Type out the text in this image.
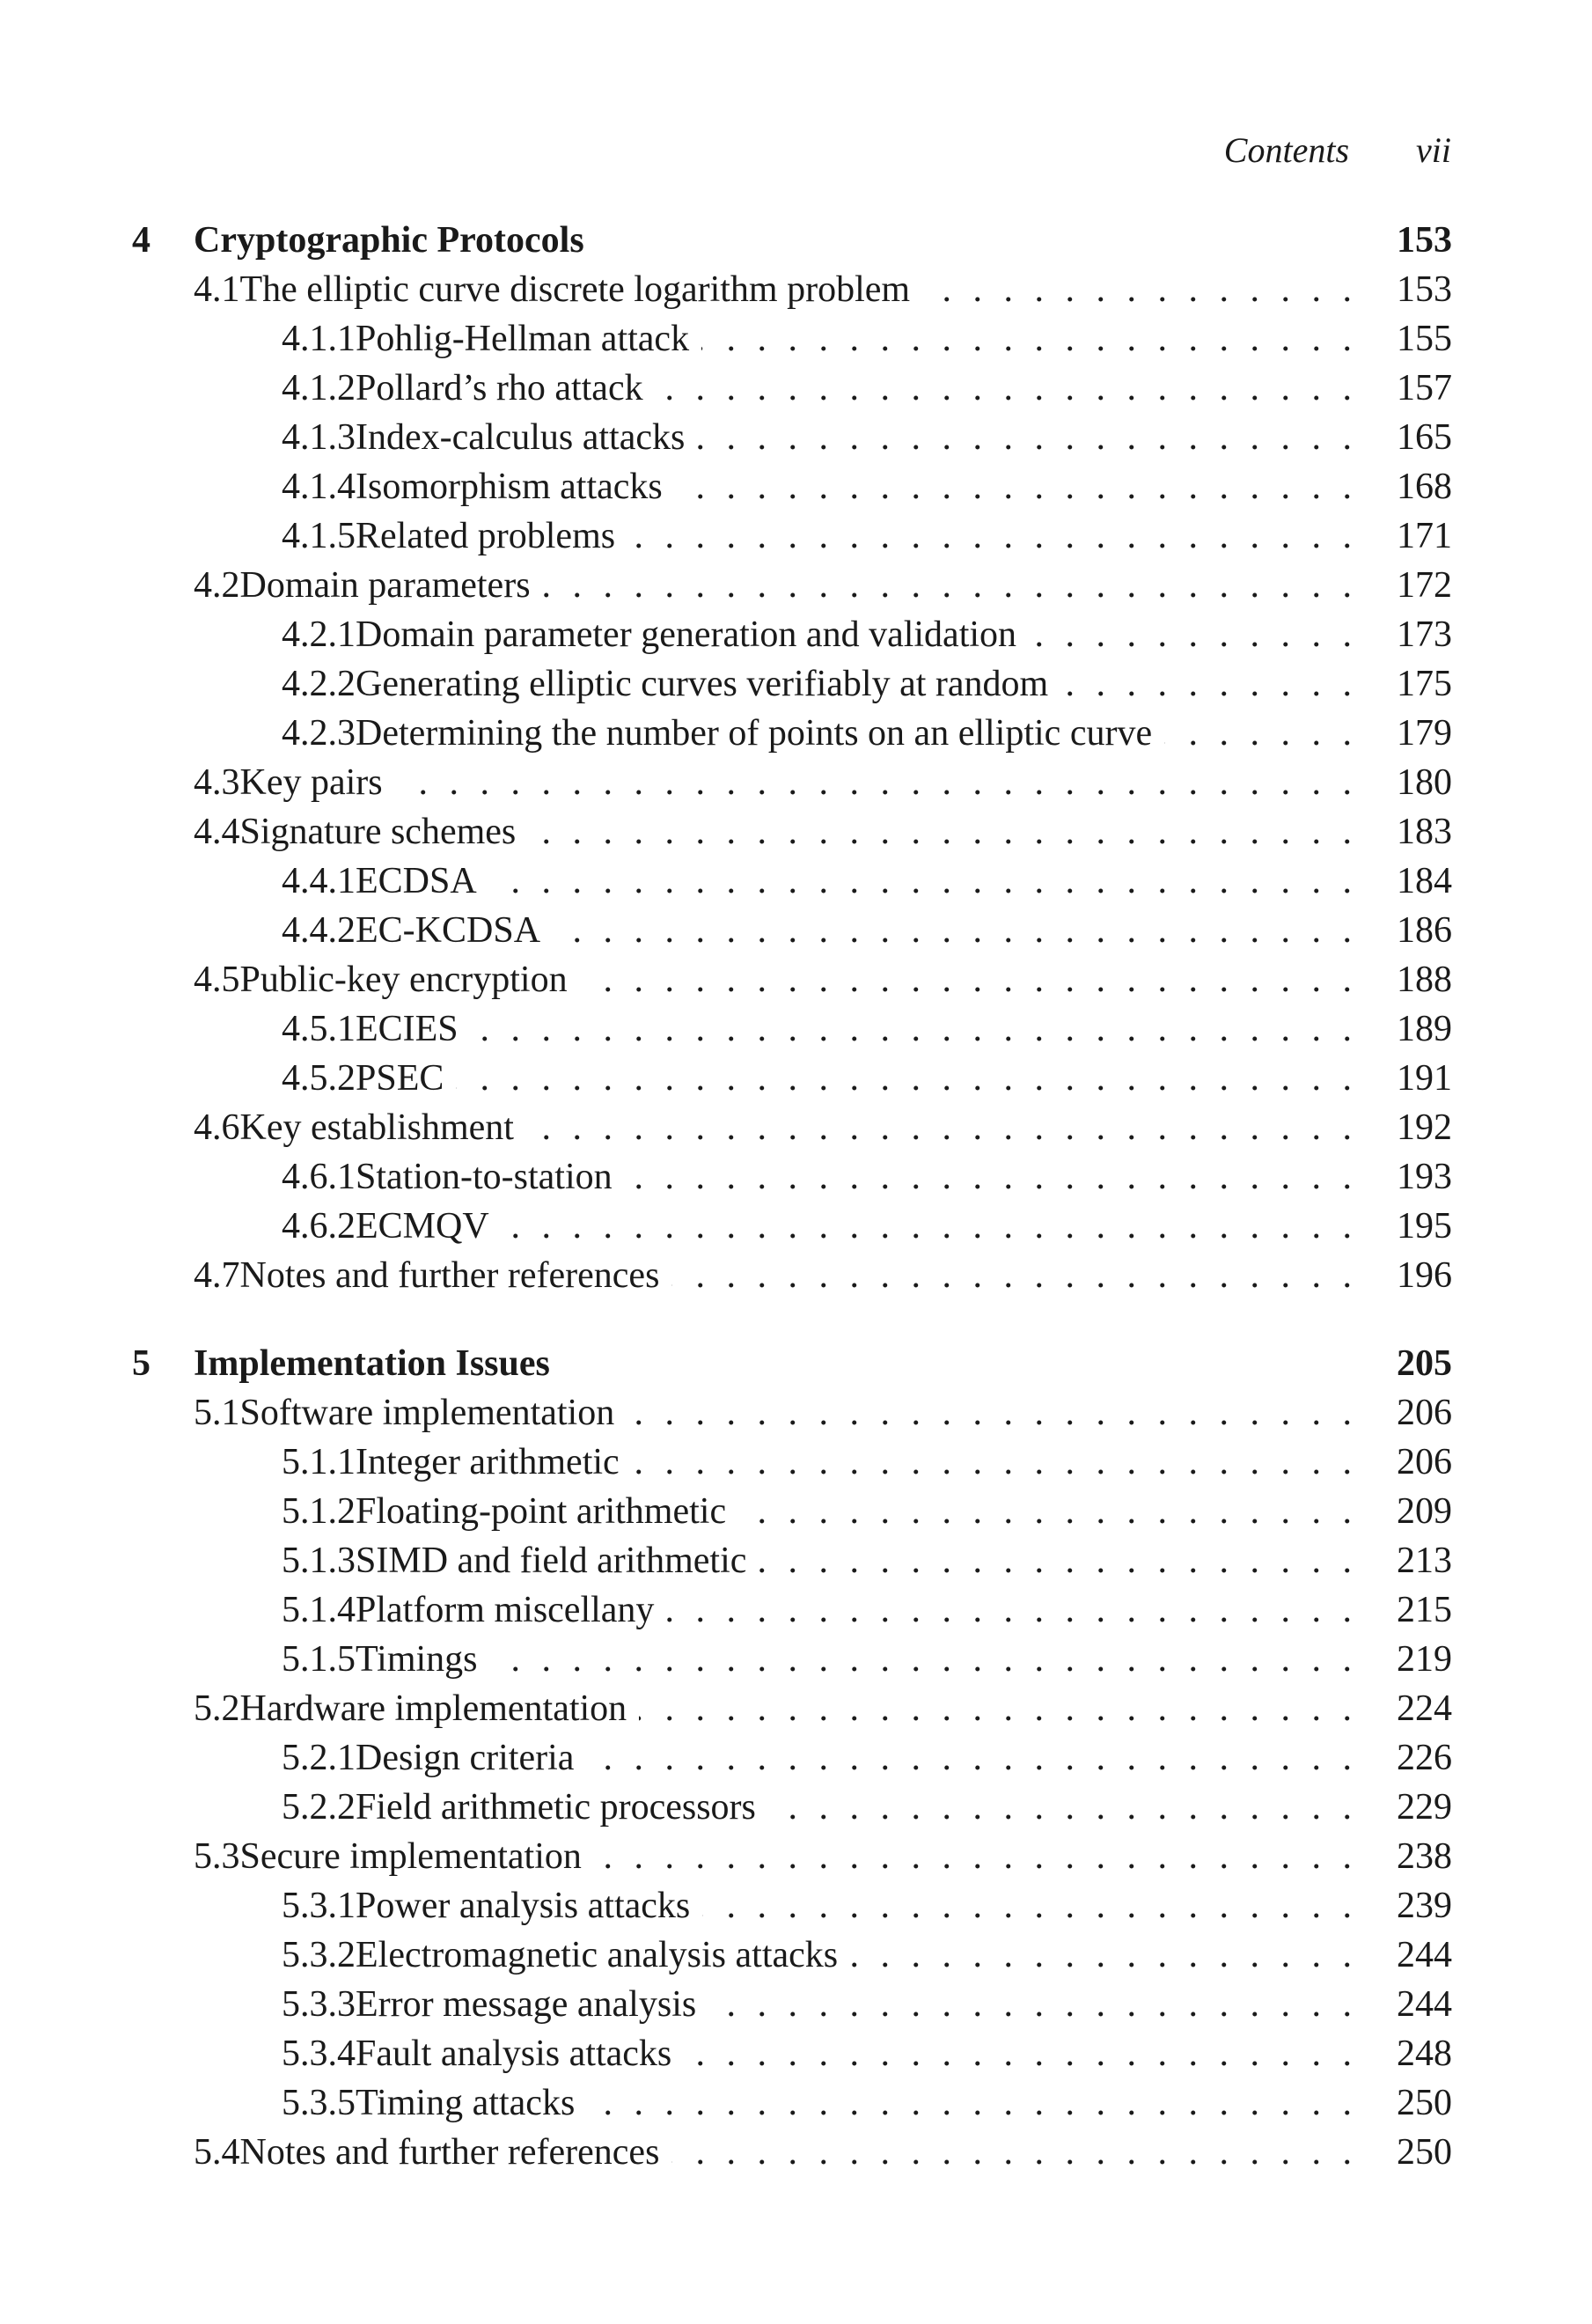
Contents vii
4	Cryptographic Protocols	153
4.1 The elliptic curve discrete logarithm problem . . .	153
4.1.1 Pohlig-Hellman attack . . .	155
4.1.2 Pollard’s rho attack . . .	157
4.1.3 Index-calculus attacks . . .	165
4.1.4 Isomorphism attacks . . .	168
4.1.5 Related problems . . .	171
4.2 Domain parameters . . .	172
4.2.1 Domain parameter generation and validation . . .	173
4.2.2 Generating elliptic curves verifiably at random . . .	175
4.2.3 Determining the number of points on an elliptic curve . . .	179
4.3 Key pairs . . .	180
4.4 Signature schemes . . .	183
4.4.1 ECDSA . . .	184
4.4.2 EC-KCDSA . . .	186
4.5 Public-key encryption . . .	188
4.5.1 ECIES . . .	189
4.5.2 PSEC . . .	191
4.6 Key establishment . . .	192
4.6.1 Station-to-station . . .	193
4.6.2 ECMQV . . .	195
4.7 Notes and further references . . .	196
5	Implementation Issues	205
5.1 Software implementation . . .	206
5.1.1 Integer arithmetic . . .	206
5.1.2 Floating-point arithmetic . . .	209
5.1.3 SIMD and field arithmetic . . .	213
5.1.4 Platform miscellany . . .	215
5.1.5 Timings . . .	219
5.2 Hardware implementation . . .	224
5.2.1 Design criteria . . .	226
5.2.2 Field arithmetic processors . . .	229
5.3 Secure implementation . . .	238
5.3.1 Power analysis attacks . . .	239
5.3.2 Electromagnetic analysis attacks . . .	244
5.3.3 Error message analysis . . .	244
5.3.4 Fault analysis attacks . . .	248
5.3.5 Timing attacks . . .	250
5.4 Notes and further references . . .	250
